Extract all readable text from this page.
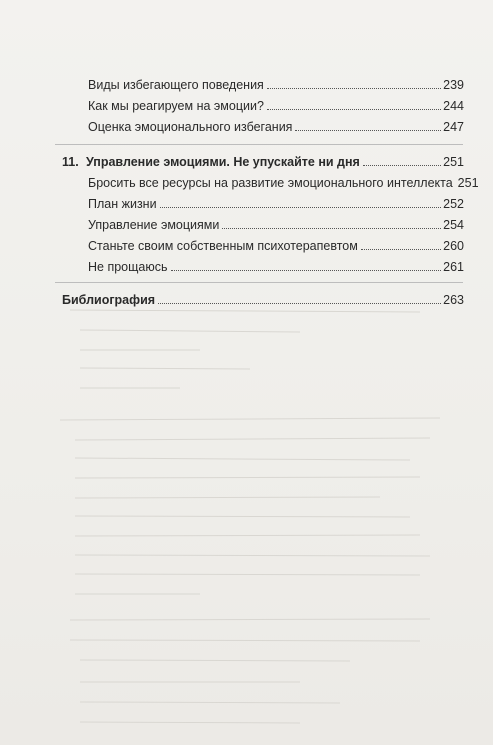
Виды избегающего поведения	239
Как мы реагируем на эмоции?	244
Оценка эмоционального избегания	247
11. Управление эмоциями. Не упускайте ни дня	251
Бросить все ресурсы на развитие эмоционального интеллекта 251
План жизни	252
Управление эмоциями	254
Станьте своим собственным психотерапевтом	260
Не прощаюсь	261
Библиография	263
